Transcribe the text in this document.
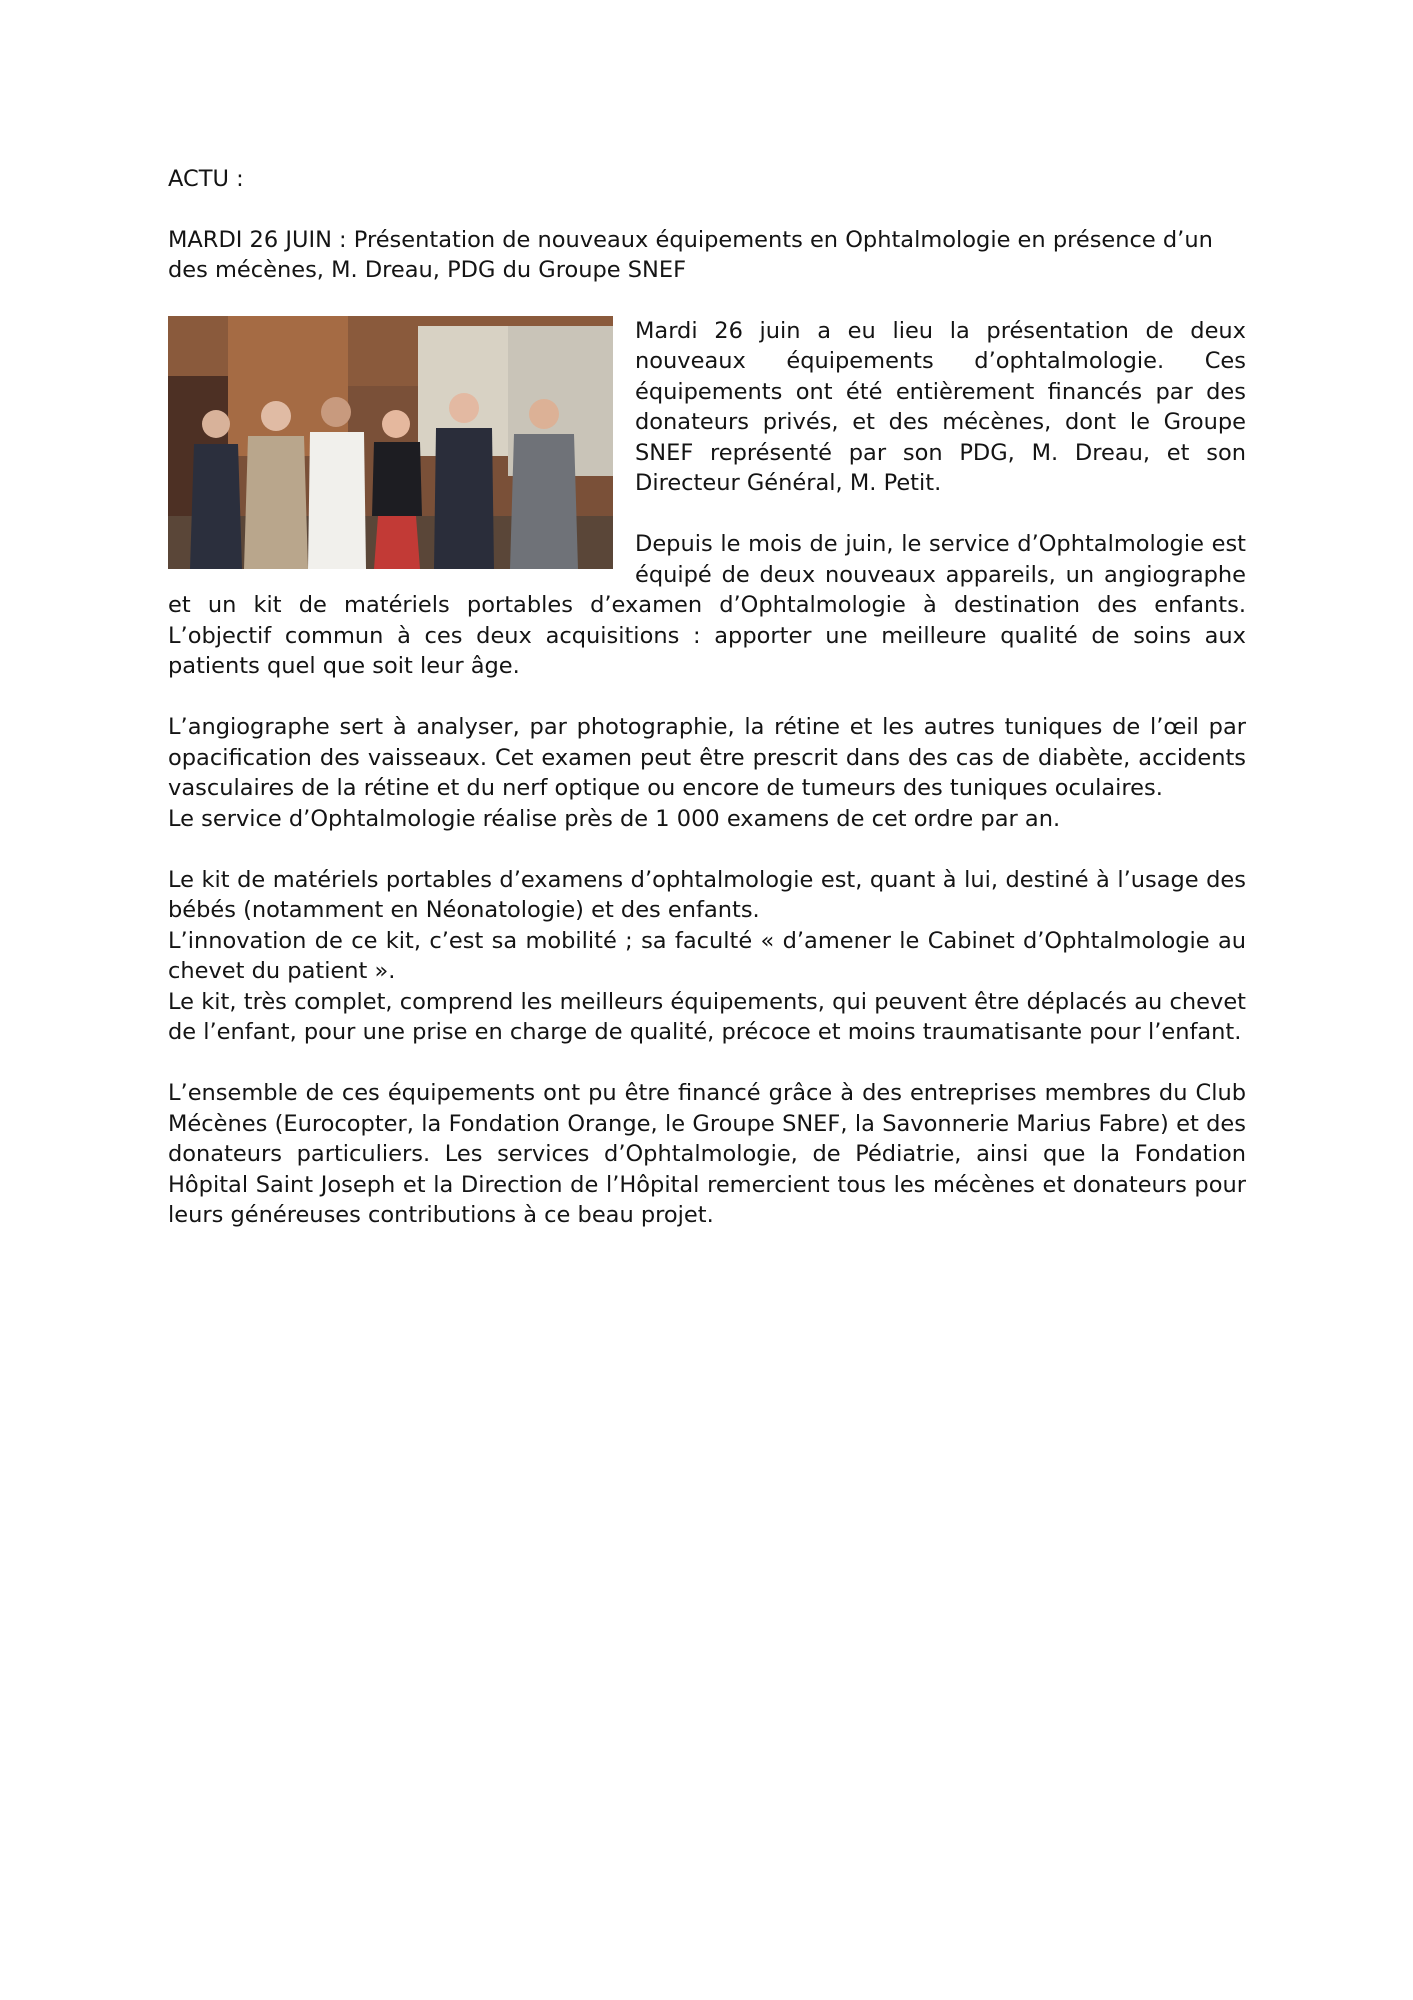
ACTU :

MARDI 26 JUIN : Présentation de nouveaux équipements en Ophtalmologie en présence d’un des mécènes, M. Dreau, PDG du Groupe SNEF

Mardi 26 juin a eu lieu la présentation de deux nouveaux équipements d’ophtalmologie. Ces équipements ont été entièrement financés par des donateurs privés, et des mécènes, dont le Groupe SNEF représenté par son PDG, M. Dreau, et son Directeur Général, M. Petit.

Depuis le mois de juin, le service d’Ophtalmologie est équipé de deux nouveaux appareils, un angiographe et un kit de matériels portables d’examen d’Ophtalmologie à destination des enfants. L’objectif commun à ces deux acquisitions : apporter une meilleure qualité de soins aux patients quel que soit leur âge.

L’angiographe sert à analyser, par photographie, la rétine et les autres tuniques de l’œil par opacification des vaisseaux. Cet examen peut être prescrit dans des cas de diabète, accidents vasculaires de la rétine et du nerf optique ou encore de tumeurs des tuniques oculaires.

Le service d’Ophtalmologie réalise près de 1 000 examens de cet ordre par an.

Le kit de matériels portables d’examens d’ophtalmologie est, quant à lui, destiné à l’usage des bébés (notamment en Néonatologie) et des enfants.

L’innovation de ce kit, c’est sa mobilité ; sa faculté « d’amener le Cabinet d’Ophtalmologie au chevet du patient ».

Le kit, très complet, comprend les meilleurs équipements, qui peuvent être déplacés au chevet de l’enfant, pour une prise en charge de qualité, précoce et moins traumatisante pour l’enfant.

L’ensemble de ces équipements ont pu être financé grâce à des entreprises membres du Club Mécènes (Eurocopter, la Fondation Orange, le Groupe SNEF, la Savonnerie Marius Fabre) et des donateurs particuliers. Les services d’Ophtalmologie, de Pédiatrie, ainsi que la Fondation Hôpital Saint Joseph et la Direction de l’Hôpital remercient tous les mécènes et donateurs pour leurs généreuses contributions à ce beau projet.
